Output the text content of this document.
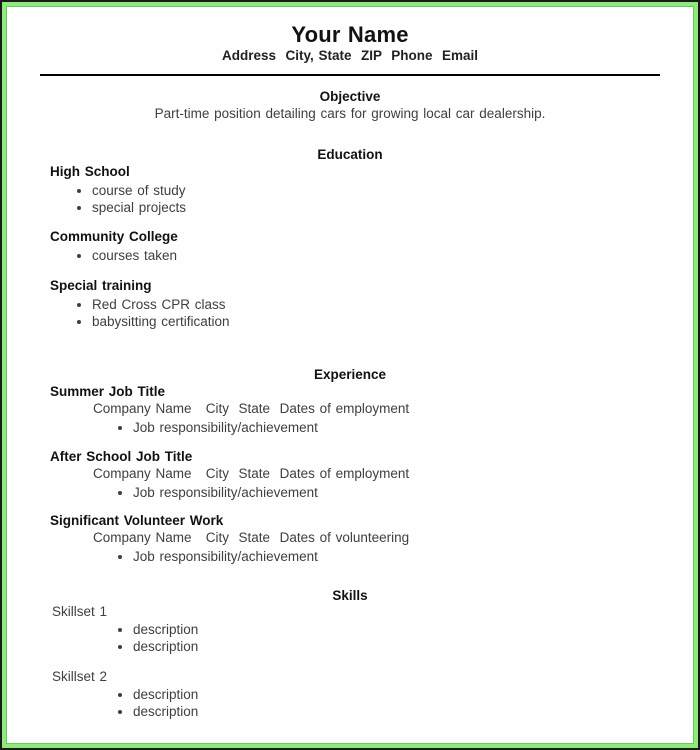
Your Name
Address  City, State  ZIP  Phone  Email
Objective

Part-time position detailing cars for growing local car dealership.

Education
High School
• course of study
• special projects
Community College
• courses taken
Special training
• Red Cross CPR class
• babysitting certification
Experience
Summer Job Title
Company Name   City  State  Dates of employment
• Job responsibility/achievement
After School Job Title
Company Name   City  State  Dates of employment
• Job responsibility/achievement
Significant Volunteer Work
Company Name   City  State  Dates of volunteering
• Job responsibility/achievement
Skills
Skillset 1
• description
• description
Skillset 2
• description
• description
